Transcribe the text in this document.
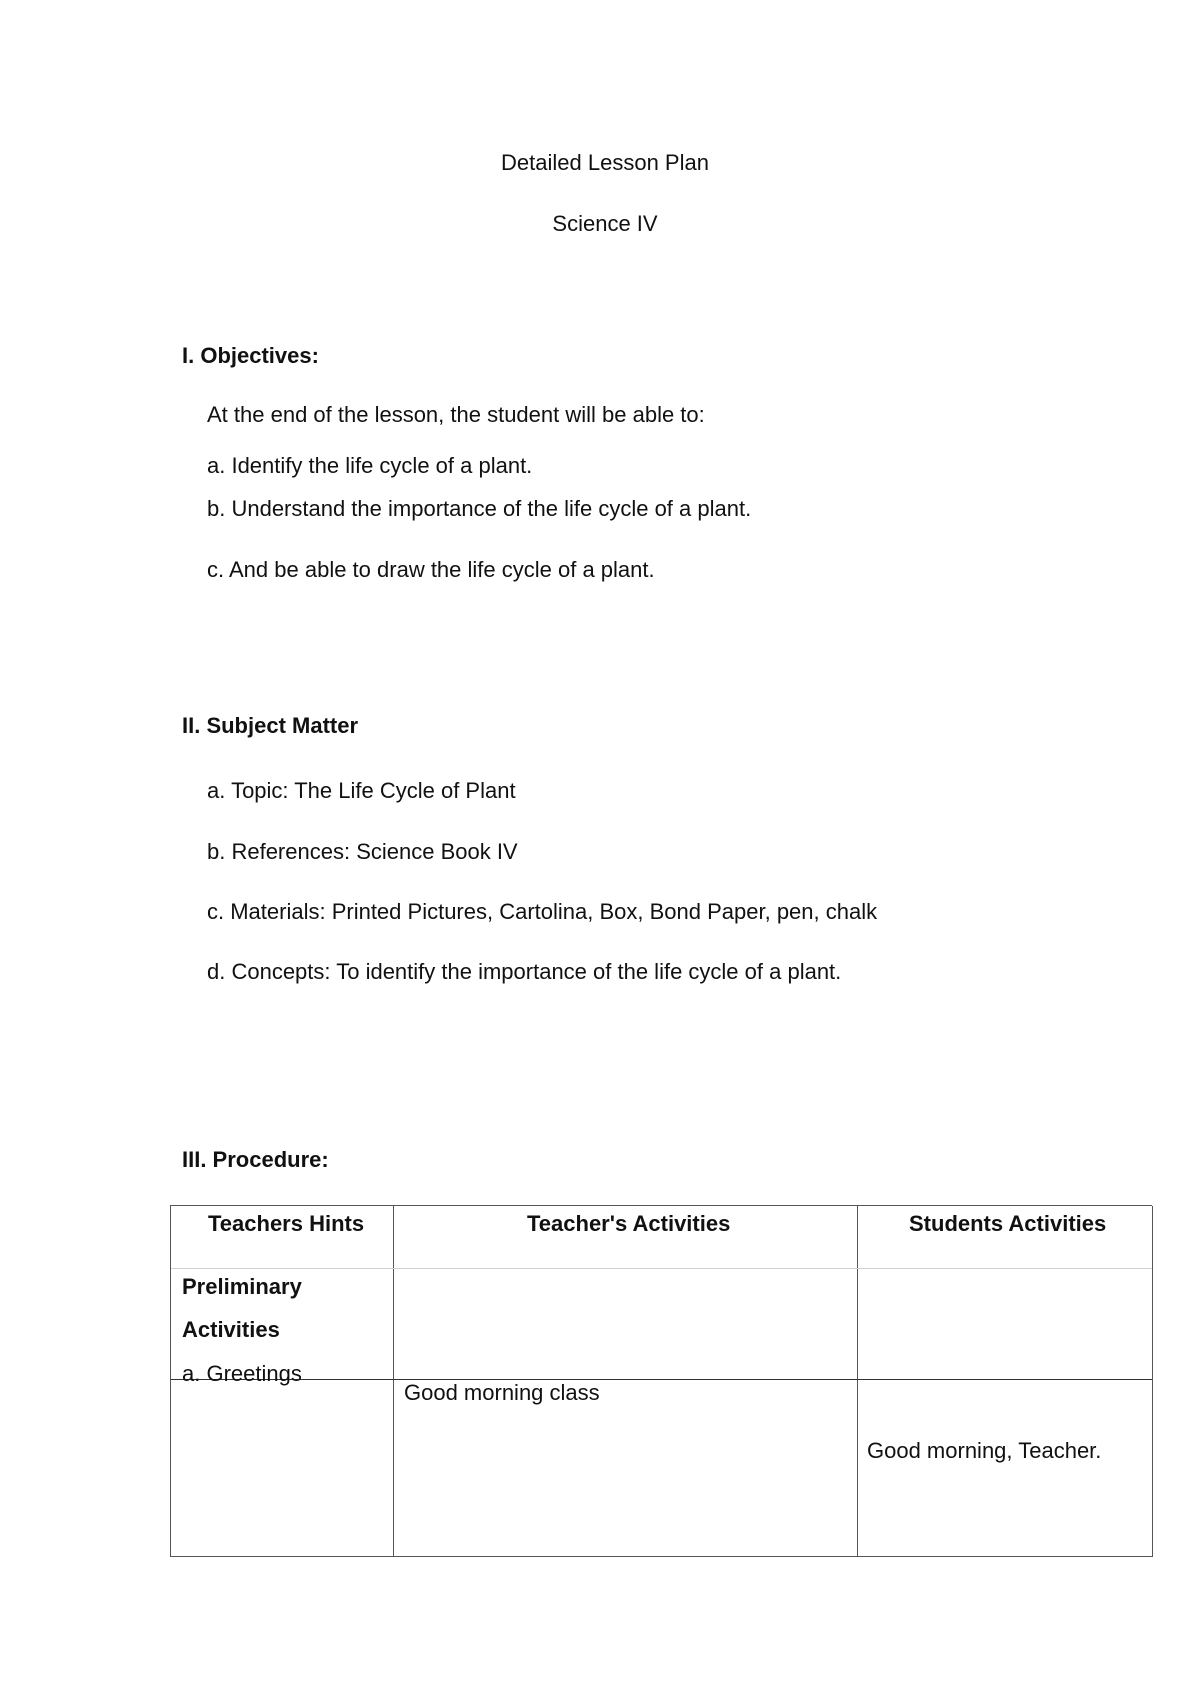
Detailed Lesson Plan

Science IV

I. Objectives:

At the end of the lesson, the student will be able to:

a. Identify the life cycle of a plant.

b. Understand the importance of the life cycle of a plant.

c. And be able to draw the life cycle of a plant.

II. Subject Matter

a. Topic: The Life Cycle of Plant

b. References: Science Book IV

c. Materials: Printed Pictures, Cartolina, Box, Bond Paper, pen, chalk

d. Concepts: To identify the importance of the life cycle of a plant.

III. Procedure:

Teachers Hints	Teacher's Activities	Students Activities
Preliminary
Activities
a. Greetings
Good morning class
Good morning, Teacher.
